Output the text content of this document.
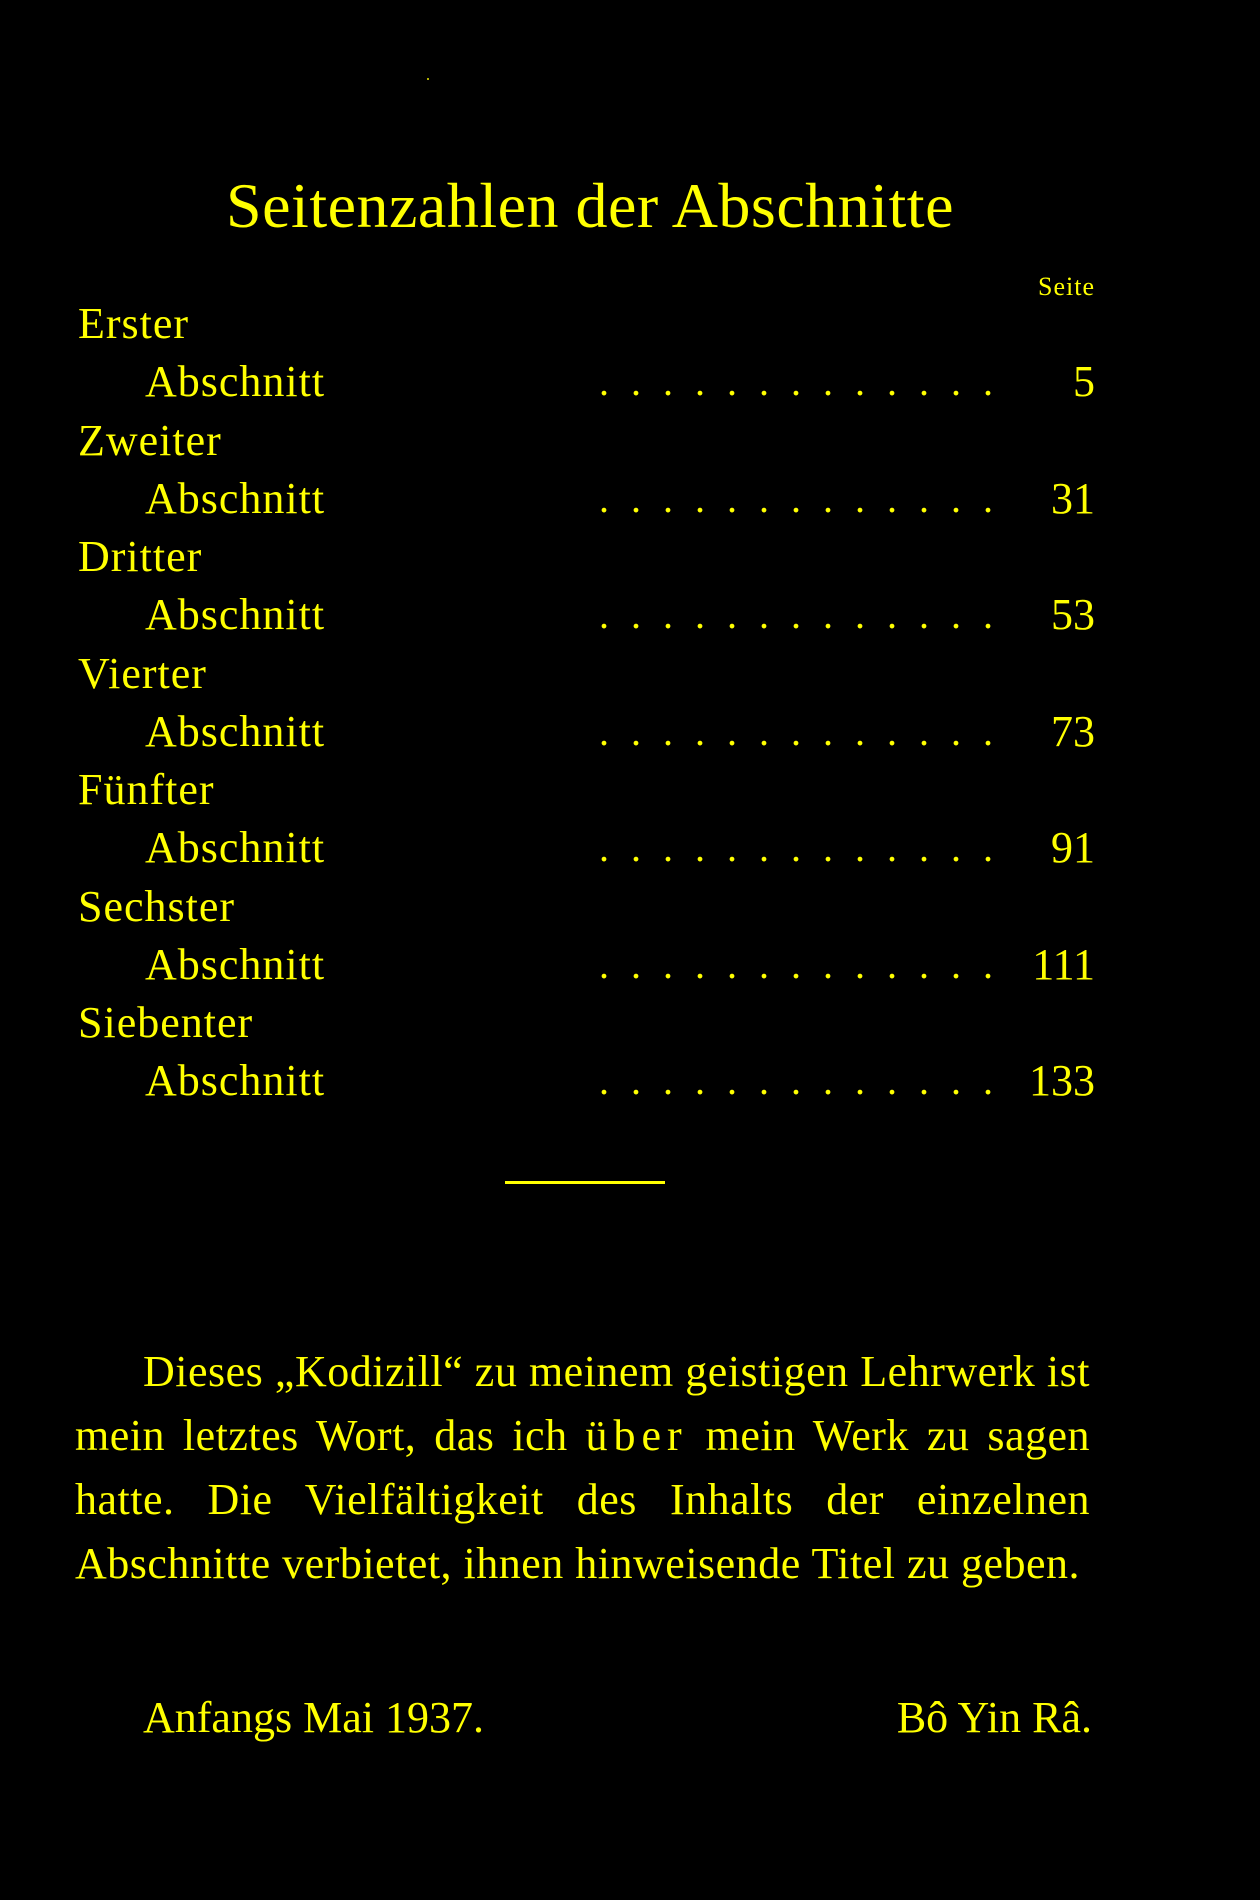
Seitenzahlen der Abschnitte
Seite
Erster
Abschnitt	............. 5
Zweiter
Abschnitt	............. 31
Dritter
Abschnitt	............. 53
Vierter
Abschnitt	............. 73
Fünfter
Abschnitt	............. 91
Sechster
Abschnitt	............. 111
Siebenter
Abschnitt	............. 133
Dieses „Kodizill“ zu meinem geistigen Lehrwerk ist mein letztes Wort, das ich über mein Werk zu sagen hatte. Die Vielfältigkeit des Inhalts der einzelnen Abschnitte verbietet, ihnen hinweisende Titel zu geben.
Anfangs Mai 1937.	Bô Yin Râ.
